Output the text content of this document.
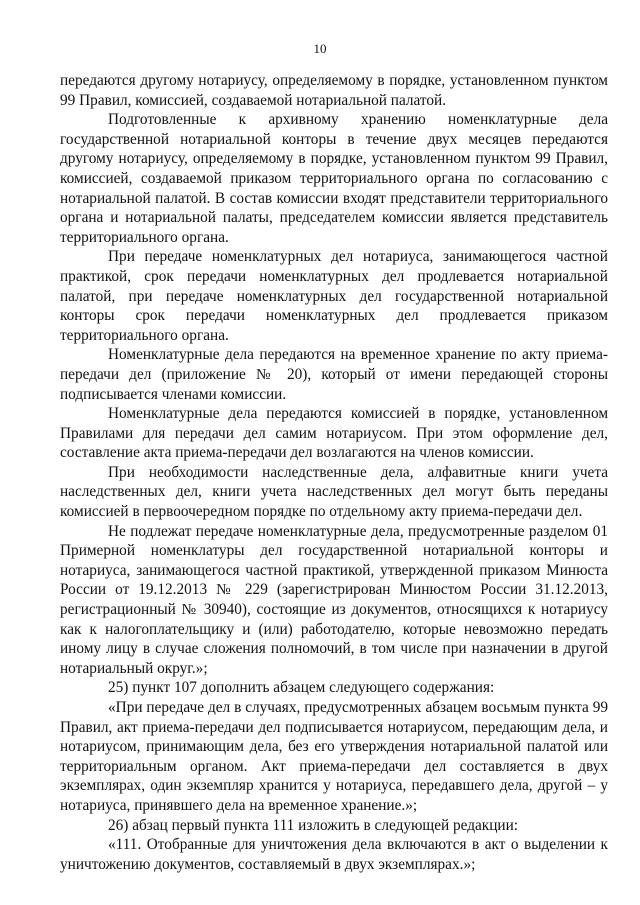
10

передаются другому нотариусу, определяемому в порядке, установленном пунктом 99 Правил, комиссией, создаваемой нотариальной палатой.

Подготовленные к архивному хранению номенклатурные дела государственной нотариальной конторы в течение двух месяцев передаются другому нотариусу, определяемому в порядке, установленном пунктом 99 Правил, комиссией, создаваемой приказом территориального органа по согласованию с нотариальной палатой. В состав комиссии входят представители территориального органа и нотариальной палаты, председателем комиссии является представитель территориального органа.

При передаче номенклатурных дел нотариуса, занимающегося частной практикой, срок передачи номенклатурных дел продлевается нотариальной палатой, при передаче номенклатурных дел государственной нотариальной конторы срок передачи номенклатурных дел продлевается приказом территориального органа.

Номенклатурные дела передаются на временное хранение по акту приема-передачи дел (приложение № 20), который от имени передающей стороны подписывается членами комиссии.

Номенклатурные дела передаются комиссией в порядке, установленном Правилами для передачи дел самим нотариусом. При этом оформление дел, составление акта приема-передачи дел возлагаются на членов комиссии.

При необходимости наследственные дела, алфавитные книги учета наследственных дел, книги учета наследственных дел могут быть переданы комиссией в первоочередном порядке по отдельному акту приема-передачи дел.

Не подлежат передаче номенклатурные дела, предусмотренные разделом 01 Примерной номенклатуры дел государственной нотариальной конторы и нотариуса, занимающегося частной практикой, утвержденной приказом Минюста России от 19.12.2013 № 229 (зарегистрирован Минюстом России 31.12.2013, регистрационный № 30940), состоящие из документов, относящихся к нотариусу как к налогоплательщику и (или) работодателю, которые невозможно передать иному лицу в случае сложения полномочий, в том числе при назначении в другой нотариальный округ.»;

25) пункт 107 дополнить абзацем следующего содержания:

«При передаче дел в случаях, предусмотренных абзацем восьмым пункта 99 Правил, акт приема-передачи дел подписывается нотариусом, передающим дела, и нотариусом, принимающим дела, без его утверждения нотариальной палатой или территориальным органом. Акт приема-передачи дел составляется в двух экземплярах, один экземпляр хранится у нотариуса, передавшего дела, другой – у нотариуса, принявшего дела на временное хранение.»;

26) абзац первый пункта 111 изложить в следующей редакции:

«111. Отобранные для уничтожения дела включаются в акт о выделении к уничтожению документов, составляемый в двух экземплярах.»;
